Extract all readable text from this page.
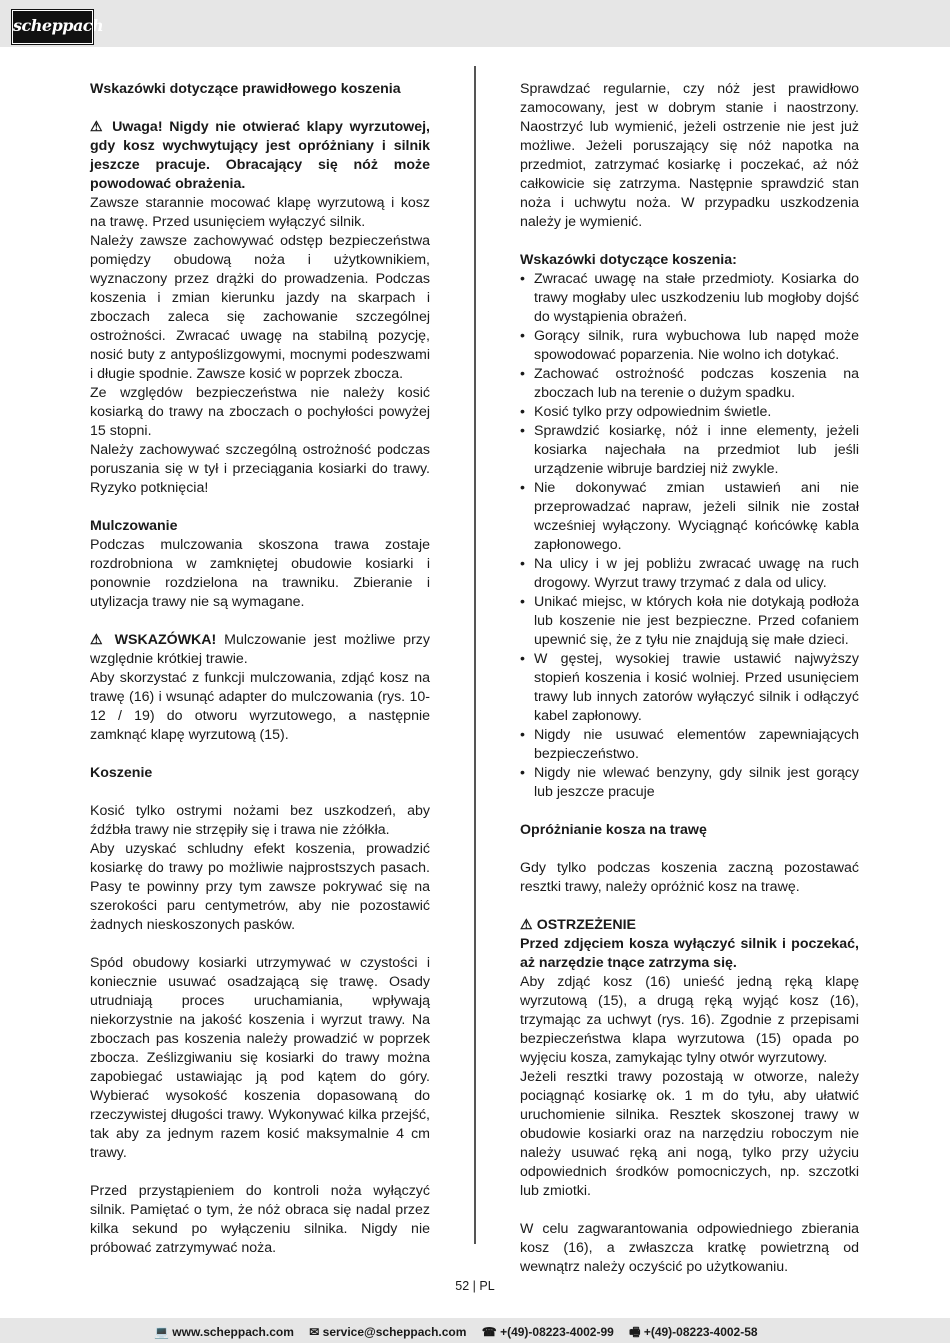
scheppach

Wskazówki dotyczące prawidłowego koszenia

⚠ Uwaga! Nigdy nie otwierać klapy wyrzutowej, gdy kosz wychwytujący jest opróżniany i silnik jeszcze pracuje. Obracający się nóż może powodować obrażenia.

Zawsze starannie mocować klapę wyrzutową i kosz na trawę. Przed usunięciem wyłączyć silnik.

Należy zawsze zachowywać odstęp bezpieczeństwa pomiędzy obudową noża i użytkownikiem, wyznaczony przez drążki do prowadzenia. Podczas koszenia i zmian kierunku jazdy na skarpach i zboczach zaleca się zachowanie szczególnej ostrożności. Zwracać uwagę na stabilną pozycję, nosić buty z antypoślizgowymi, mocnymi podeszwami i długie spodnie. Zawsze kosić w poprzek zbocza.

Ze względów bezpieczeństwa nie należy kosić kosiarką do trawy na zboczach o pochyłości powyżej 15 stopni.

Należy zachowywać szczególną ostrożność podczas poruszania się w tył i przeciągania kosiarki do trawy. Ryzyko potknięcia!

Mulczowanie

Podczas mulczowania skoszona trawa zostaje rozdrobniona w zamkniętej obudowie kosiarki i ponownie rozdzielona na trawniku. Zbieranie i utylizacja trawy nie są wymagane.

⚠ WSKAZÓWKA! Mulczowanie jest możliwe przy względnie krótkiej trawie.

Aby skorzystać z funkcji mulczowania, zdjąć kosz na trawę (16) i wsunąć adapter do mulczowania (rys. 10-12 / 19) do otworu wyrzutowego, a następnie zamknąć klapę wyrzutową (15).

Koszenie

Kosić tylko ostrymi nożami bez uszkodzeń, aby źdźbła trawy nie strzępiły się i trawa nie zżółkła.

Aby uzyskać schludny efekt koszenia, prowadzić kosiarkę do trawy po możliwie najprostszych pasach. Pasy te powinny przy tym zawsze pokrywać się na szerokości paru centymetrów, aby nie pozostawić żadnych nieskoszonych pasków.

Spód obudowy kosiarki utrzymywać w czystości i koniecznie usuwać osadzającą się trawę. Osady utrudniają proces uruchamiania, wpływają niekorzystnie na jakość koszenia i wyrzut trawy. Na zboczach pas koszenia należy prowadzić w poprzek zbocza. Ześlizgiwaniu się kosiarki do trawy można zapobiegać ustawiając ją pod kątem do góry. Wybierać wysokość koszenia dopasowaną do rzeczywistej długości trawy. Wykonywać kilka przejść, tak aby za jednym razem kosić maksymalnie 4 cm trawy.

Przed przystąpieniem do kontroli noża wyłączyć silnik. Pamiętać o tym, że nóż obraca się nadal przez kilka sekund po wyłączeniu silnika. Nigdy nie próbować zatrzymywać noża.

Sprawdzać regularnie, czy nóż jest prawidłowo zamocowany, jest w dobrym stanie i naostrzony. Naostrzyć lub wymienić, jeżeli ostrzenie nie jest już możliwe. Jeżeli poruszający się nóż napotka na przedmiot, zatrzymać kosiarkę i poczekać, aż nóż całkowicie się zatrzyma. Następnie sprawdzić stan noża i uchwytu noża. W przypadku uszkodzenia należy je wymienić.

Wskazówki dotyczące koszenia:

• Zwracać uwagę na stałe przedmioty. Kosiarka do trawy mogłaby ulec uszkodzeniu lub mogłoby dojść do wystąpienia obrażeń.
• Gorący silnik, rura wybuchowa lub napęd może spowodować poparzenia. Nie wolno ich dotykać.
• Zachować ostrożność podczas koszenia na zboczach lub na terenie o dużym spadku.
• Kosić tylko przy odpowiednim świetle.
• Sprawdzić kosiarkę, nóż i inne elementy, jeżeli kosiarka najechała na przedmiot lub jeśli urządzenie wibruje bardziej niż zwykle.
• Nie dokonywać zmian ustawień ani nie przeprowadzać napraw, jeżeli silnik nie został wcześniej wyłączony. Wyciągnąć końcówkę kabla zapłonowego.
• Na ulicy i w jej pobliżu zwracać uwagę na ruch drogowy. Wyrzut trawy trzymać z dala od ulicy.
• Unikać miejsc, w których koła nie dotykają podłoża lub koszenie nie jest bezpieczne. Przed cofaniem upewnić się, że z tyłu nie znajdują się małe dzieci.
• W gęstej, wysokiej trawie ustawić najwyższy stopień koszenia i kosić wolniej. Przed usunięciem trawy lub innych zatorów wyłączyć silnik i odłączyć kabel zapłonowy.
• Nigdy nie usuwać elementów zapewniających bezpieczeństwo.
• Nigdy nie wlewać benzyny, gdy silnik jest gorący lub jeszcze pracuje

Opróżnianie kosza na trawę

Gdy tylko podczas koszenia zaczną pozostawać resztki trawy, należy opróżnić kosz na trawę.

⚠ OSTRZEŻENIE

Przed zdjęciem kosza wyłączyć silnik i poczekać, aż narzędzie tnące zatrzyma się.

Aby zdjąć kosz (16) unieść jedną ręką klapę wyrzutową (15), a drugą ręką wyjąć kosz (16), trzymając za uchwyt (rys. 16). Zgodnie z przepisami bezpieczeństwa klapa wyrzutowa (15) opada po wyjęciu kosza, zamykając tylny otwór wyrzutowy.

Jeżeli resztki trawy pozostają w otworze, należy pociągnąć kosiarkę ok. 1 m do tyłu, aby ułatwić uruchomienie silnika. Resztek skoszonej trawy w obudowie kosiarki oraz na narzędziu roboczym nie należy usuwać ręką ani nogą, tylko przy użyciu odpowiednich środków pomocniczych, np. szczotki lub zmiotki.

W celu zagwarantowania odpowiedniego zbierania kosz (16), a zwłaszcza kratkę powietrzną od wewnątrz należy oczyścić po użytkowaniu.

52 | PL
💻 www.scheppach.com ✉ service@scheppach.com ☎ +(49)-08223-4002-99 🖷 +(49)-08223-4002-58
